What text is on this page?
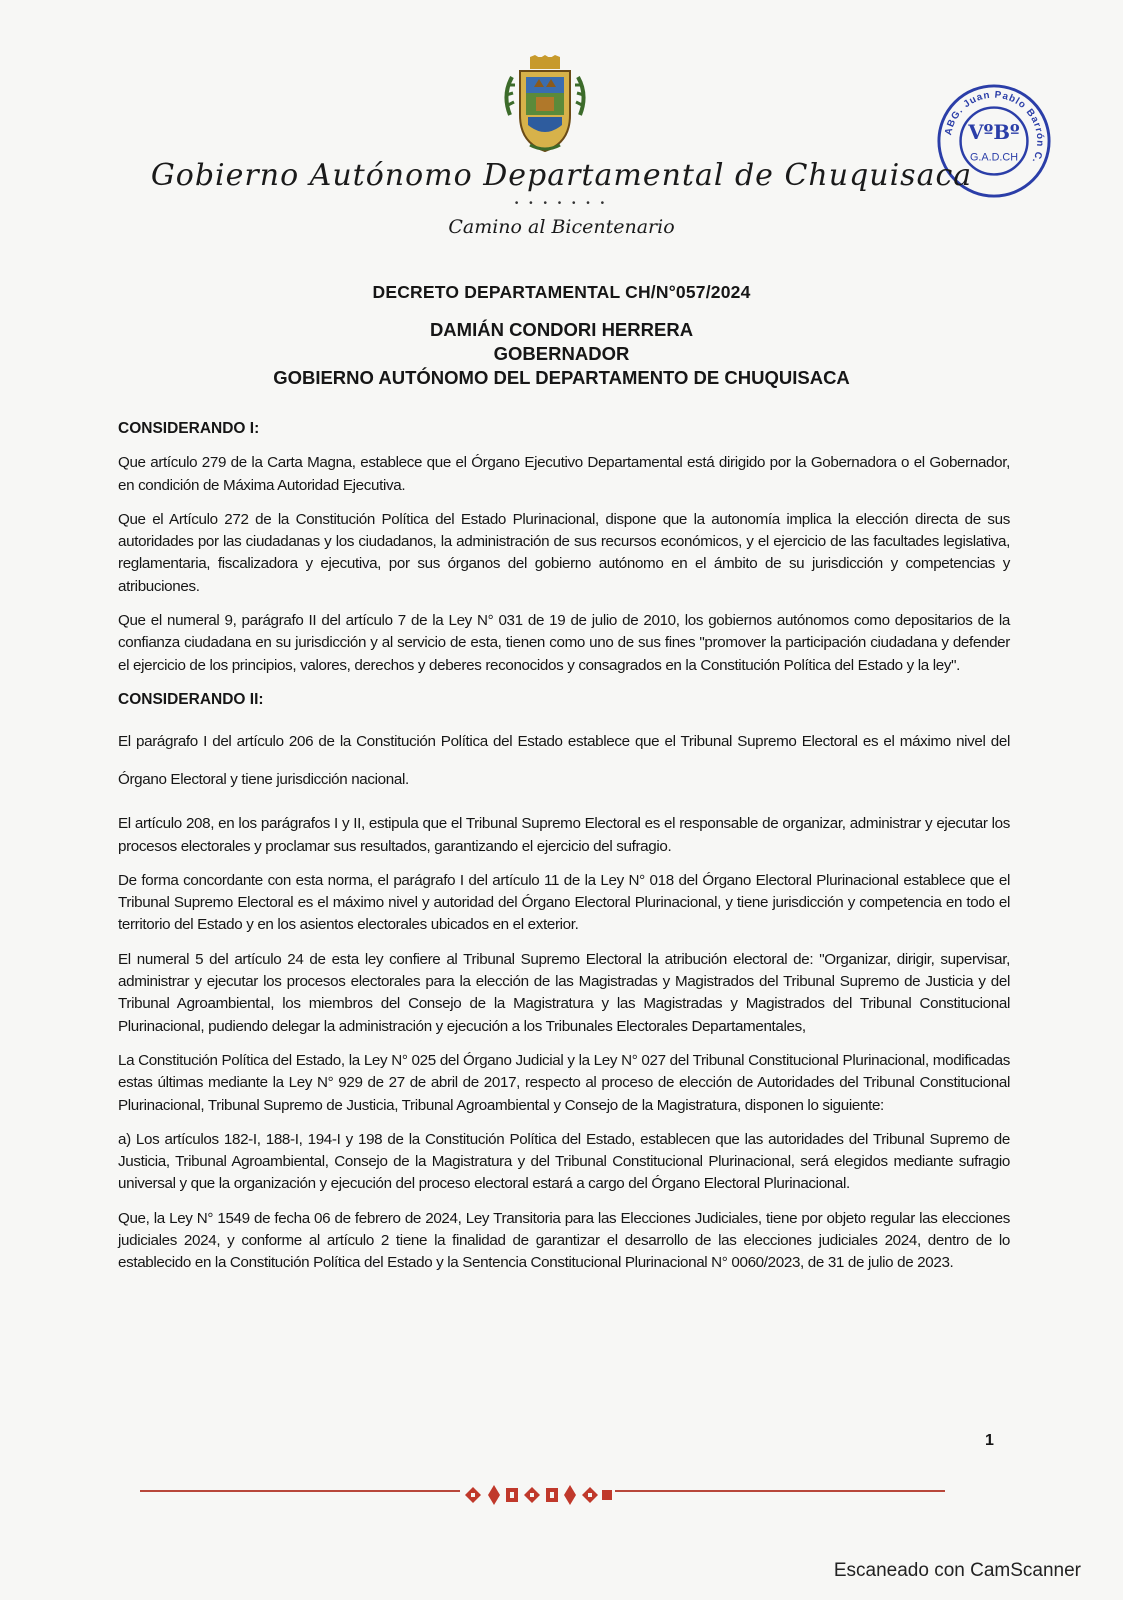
ABG. Juan Pablo Barrón C.
VºBº
G.A.D.CH
Gobierno Autónomo Departamental de Chuquisaca
• • • • • • •
Camino al Bicentenario
DECRETO DEPARTAMENTAL CH/N°057/2024
DAMIÁN CONDORI HERRERA
GOBERNADOR
GOBIERNO AUTÓNOMO DEL DEPARTAMENTO DE CHUQUISACA
CONSIDERANDO I:

Que artículo 279 de la Carta Magna, establece que el Órgano Ejecutivo Departamental está dirigido por la Gobernadora o el Gobernador, en condición de Máxima Autoridad Ejecutiva.

Que el Artículo 272 de la Constitución Política del Estado Plurinacional, dispone que la autonomía implica la elección directa de sus autoridades por las ciudadanas y los ciudadanos, la administración de sus recursos económicos, y el ejercicio de las facultades legislativa, reglamentaria, fiscalizadora y ejecutiva, por sus órganos del gobierno autónomo en el ámbito de su jurisdicción y competencias y atribuciones.

Que el numeral 9, parágrafo II del artículo 7 de la Ley N° 031 de 19 de julio de 2010, los gobiernos autónomos como depositarios de la confianza ciudadana en su jurisdicción y al servicio de esta, tienen como uno de sus fines "promover la participación ciudadana y defender el ejercicio de los principios, valores, derechos y deberes reconocidos y consagrados en la Constitución Política del Estado y la ley".

CONSIDERANDO II:

El parágrafo I del artículo 206 de la Constitución Política del Estado establece que el Tribunal Supremo Electoral es el máximo nivel del Órgano Electoral y tiene jurisdicción nacional.

El artículo 208, en los parágrafos I y II, estipula que el Tribunal Supremo Electoral es el responsable de organizar, administrar y ejecutar los procesos electorales y proclamar sus resultados, garantizando el ejercicio del sufragio.

De forma concordante con esta norma, el parágrafo I del artículo 11 de la Ley N° 018 del Órgano Electoral Plurinacional establece que el Tribunal Supremo Electoral es el máximo nivel y autoridad del Órgano Electoral Plurinacional, y tiene jurisdicción y competencia en todo el territorio del Estado y en los asientos electorales ubicados en el exterior.

El numeral 5 del artículo 24 de esta ley confiere al Tribunal Supremo Electoral la atribución electoral de: "Organizar, dirigir, supervisar, administrar y ejecutar los procesos electorales para la elección de las Magistradas y Magistrados del Tribunal Supremo de Justicia y del Tribunal Agroambiental, los miembros del Consejo de la Magistratura y las Magistradas y Magistrados del Tribunal Constitucional Plurinacional, pudiendo delegar la administración y ejecución a los Tribunales Electorales Departamentales,

La Constitución Política del Estado, la Ley N° 025 del Órgano Judicial y la Ley N° 027 del Tribunal Constitucional Plurinacional, modificadas estas últimas mediante la Ley N° 929 de 27 de abril de 2017, respecto al proceso de elección de Autoridades del Tribunal Constitucional Plurinacional, Tribunal Supremo de Justicia, Tribunal Agroambiental y Consejo de la Magistratura, disponen lo siguiente:

a) Los artículos 182-I, 188-I, 194-I y 198 de la Constitución Política del Estado, establecen que las autoridades del Tribunal Supremo de Justicia, Tribunal Agroambiental, Consejo de la Magistratura y del Tribunal Constitucional Plurinacional, será elegidos mediante sufragio universal y que la organización y ejecución del proceso electoral estará a cargo del Órgano Electoral Plurinacional.

Que, la Ley N° 1549 de fecha 06 de febrero de 2024, Ley Transitoria para las Elecciones Judiciales, tiene por objeto regular las elecciones judiciales 2024, y conforme al artículo 2 tiene la finalidad de garantizar el desarrollo de las elecciones judiciales 2024, dentro de lo establecido en la Constitución Política del Estado y la Sentencia Constitucional Plurinacional N° 0060/2023, de 31 de julio de 2023.

1
Escaneado con CamScanner
